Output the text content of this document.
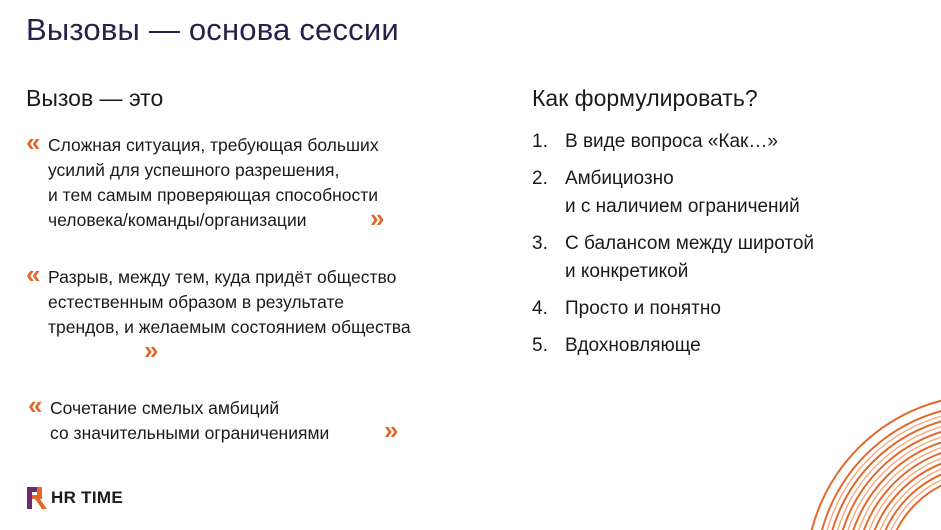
Вызовы — основа сессии
Вызов — это
« Сложная ситуация, требующая больших
усилий для успешного разрешения,
и тем самым проверяющая способности
человека/команды/организации	»
« Разрыв, между тем, куда придёт общество
естественным образом в результате
трендов, и желаемым состоянием общества
»
« Сочетание смелых амбиций
со значительными ограничениями »
Как формулировать?
1. В виде вопроса «Как…»
2. Амбициозно
и с наличием ограничений
3. С балансом между широтой
и конкретикой
4. Просто и понятно
5. Вдохновляюще
HR TIME
